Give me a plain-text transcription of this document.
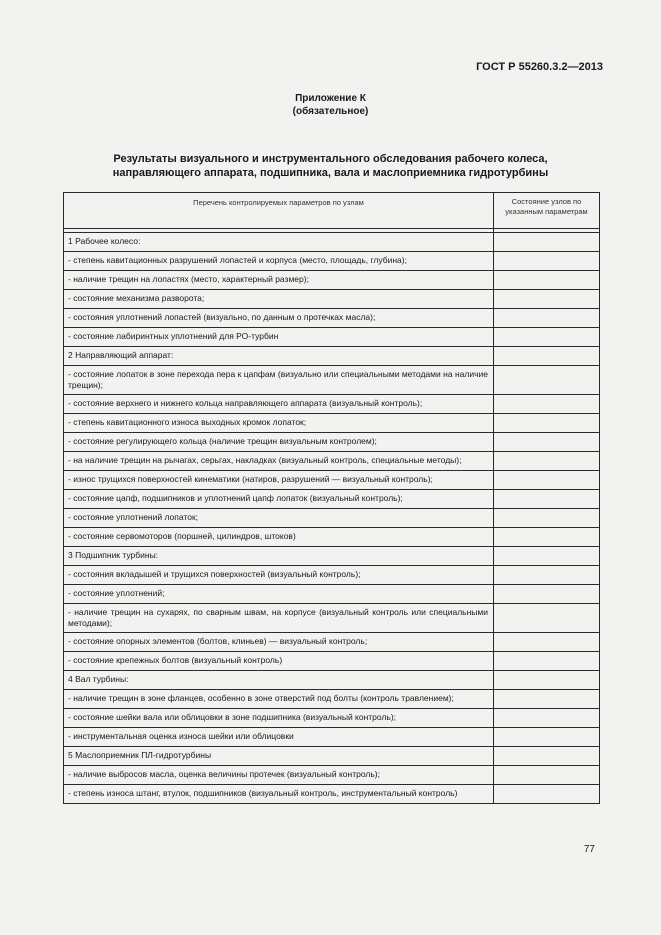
ГОСТ Р 55260.3.2—2013
Приложение К
(обязательное)
Результаты визуального и инструментального обследования рабочего колеса,
направляющего аппарата, подшипника, вала и маслоприемника гидротурбины
Перечень контролируемых параметров по узлам	Состояние узлов по указанным параметрам

1 Рабочее колесо:	
- степень кавитационных разрушений лопастей и корпуса (место, площадь, глубина);	
- наличие трещин на лопастях (место, характерный размер);	
- состояние механизма разворота;	
- состояния уплотнений лопастей (визуально, по данным о протечках масла);	
- состояние лабиринтных уплотнений для РО-турбин	
2 Направляющий аппарат:	
- состояние лопаток в зоне перехода пера к цапфам (визуально или специальными методами на наличие трещин);	
- состояние верхнего и нижнего кольца направляющего аппарата (визуальный контроль);	
- степень кавитационного износа выходных кромок лопаток;	
- состояние регулирующего кольца (наличие трещин визуальным контролем);	
- на наличие трещин на рычагах, серьгах, накладках (визуальный контроль, специальные методы);	
- износ трущихся поверхностей кинематики (натиров, разрушений — визуальный контроль);	
- состояние цапф, подшипников и уплотнений цапф лопаток (визуальный контроль);	
- состояние уплотнений лопаток;	
- состояние сервомоторов (поршней, цилиндров, штоков)	
3 Подшипник турбины:	
- состояния вкладышей и трущихся поверхностей (визуальный контроль);	
- состояние уплотнений;	
- наличие трещин на сухарях, по сварным швам, на корпусе (визуальный контроль или специальными методами);	
- состояние опорных элементов (болтов, клиньев) — визуальный контроль;	
- состояние крепежных болтов (визуальный контроль)	
4 Вал турбины:	
- наличие трещин в зоне фланцев, особенно в зоне отверстий под болты (контроль травлением);	
- состояние шейки вала или облицовки в зоне подшипника (визуальный контроль);	
- инструментальная оценка износа шейки или облицовки	
5 Маслоприемник ПЛ-гидротурбины	
- наличие выбросов масла, оценка величины протечек (визуальный контроль);	
- степень износа штанг, втулок, подшипников (визуальный контроль, инструментальный контроль)	
77
